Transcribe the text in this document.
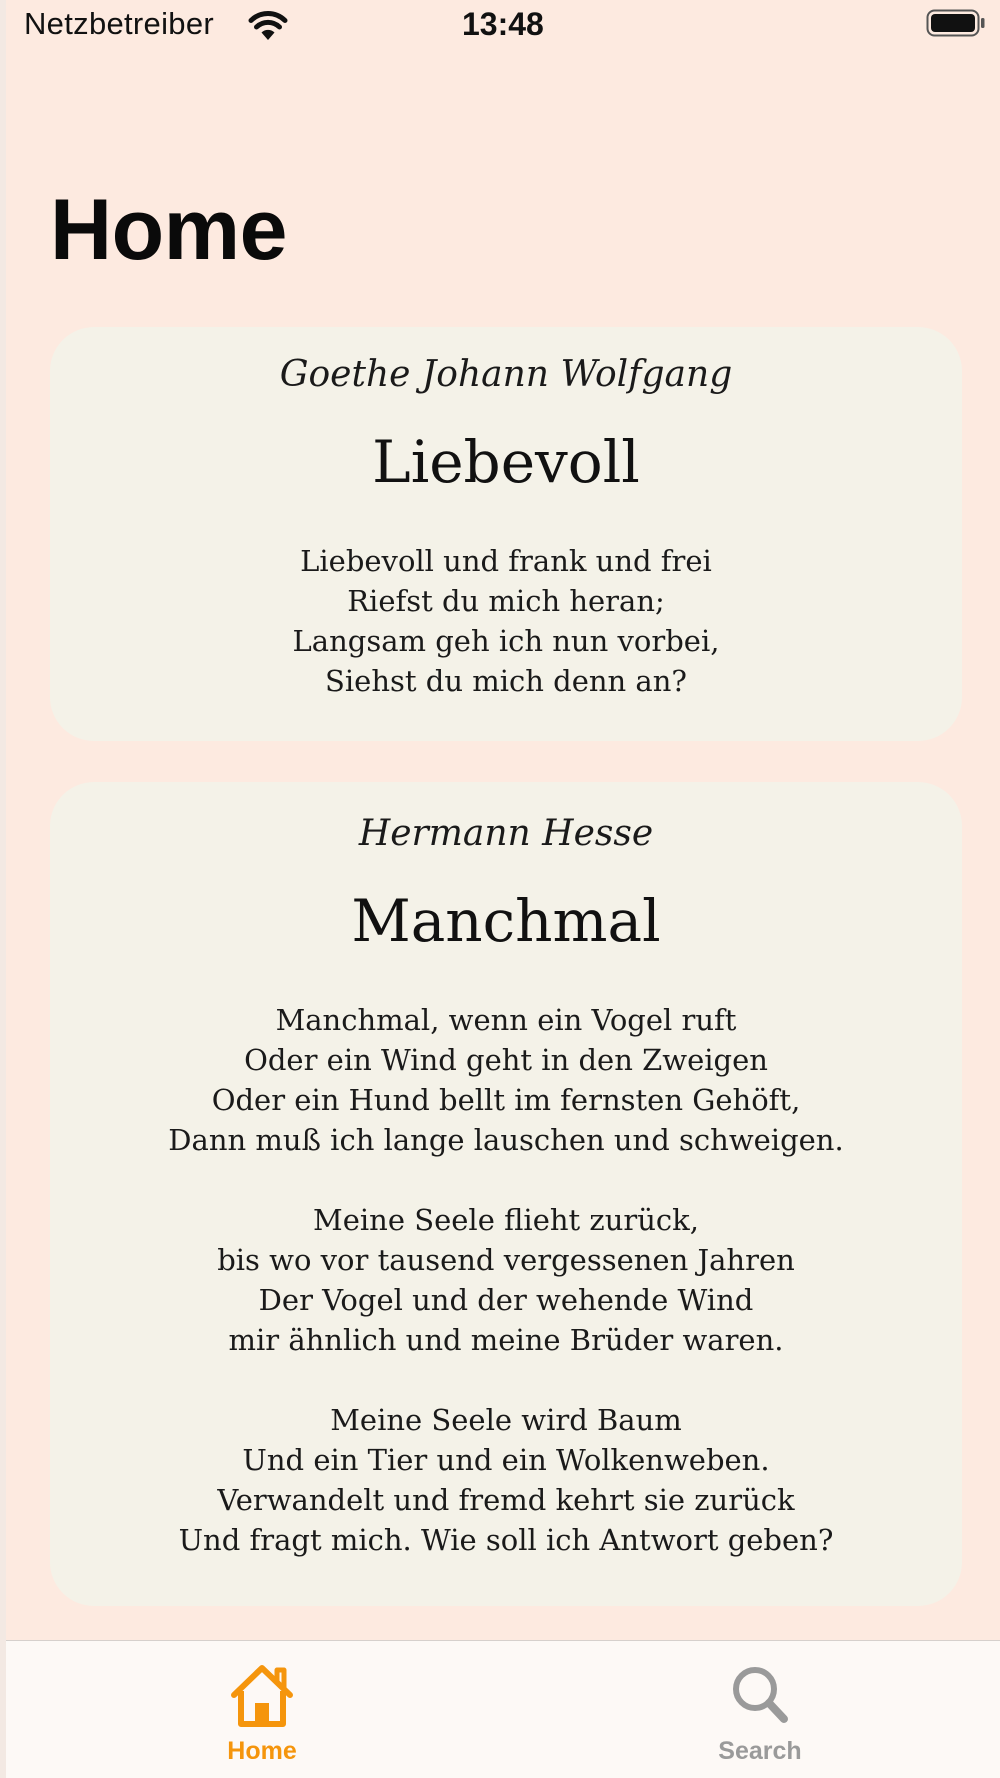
Netzbetreiber	13:48
Home
Goethe Johann Wolfgang
Liebevoll
Liebevoll und frank und frei
Riefst du mich heran;
Langsam geh ich nun vorbei,
Siehst du mich denn an?
Hermann Hesse
Manchmal
Manchmal, wenn ein Vogel ruft
Oder ein Wind geht in den Zweigen
Oder ein Hund bellt im fernsten Gehöft,
Dann muß ich lange lauschen und schweigen.
Meine Seele flieht zurück,
bis wo vor tausend vergessenen Jahren
Der Vogel und der wehende Wind
mir ähnlich und meine Brüder waren.
Meine Seele wird Baum
Und ein Tier und ein Wolkenweben.
Verwandelt und fremd kehrt sie zurück
Und fragt mich. Wie soll ich Antwort geben?
Home	Search
